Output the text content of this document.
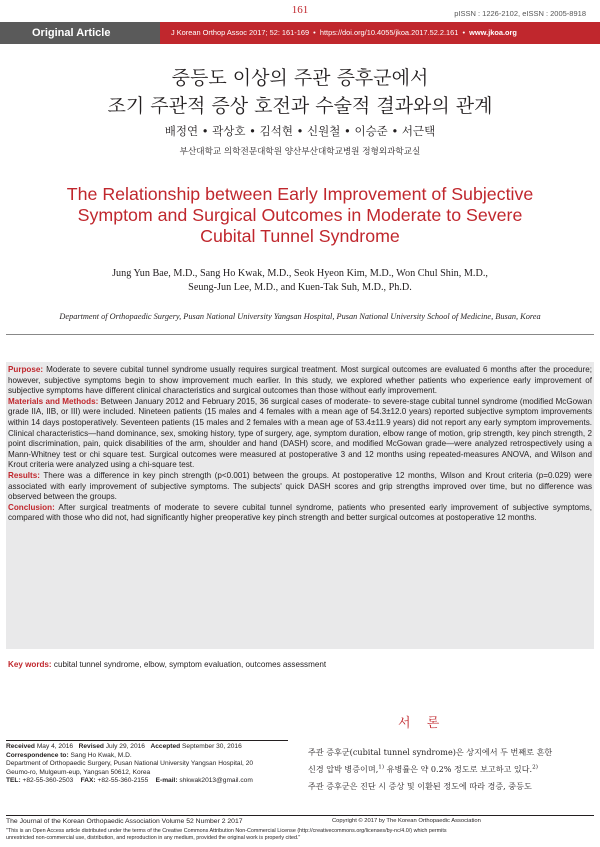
161	pISSN : 1226-2102, eISSN : 2005-8918
Original Article	J Korean Orthop Assoc 2017; 52: 161-169  •  https://doi.org/10.4055/jkoa.2017.52.2.161  •  www.jkoa.org
중등도 이상의 주관 증후군에서
조기 주관적 증상 호전과 수술적 결과와의 관계
배정연 • 곽상호 • 김석현 • 신원철 • 이승준 • 서근택
부산대학교 의학전문대학원 양산부산대학교병원 정형외과학교실
The Relationship between Early Improvement of Subjective
Symptom and Surgical Outcomes in Moderate to Severe
Cubital Tunnel Syndrome
Jung Yun Bae, M.D., Sang Ho Kwak, M.D., Seok Hyeon Kim, M.D., Won Chul Shin, M.D.,
Seung-Jun Lee, M.D., and Kuen-Tak Suh, M.D., Ph.D.
Department of Orthopaedic Surgery, Pusan National University Yangsan Hospital, Pusan National University School of Medicine, Busan, Korea

Purpose: Moderate to severe cubital tunnel syndrome usually requires surgical treatment. Most surgical outcomes are evaluated 6 months after the procedure; however, subjective symptoms begin to show improvement much earlier. In this study, we explored whether patients who experience early improvement of subjective symptoms have different clinical characteristics and surgical outcomes than those without early improvement.

Materials and Methods: Between January 2012 and February 2015, 36 surgical cases of moderate- to severe-stage cubital tunnel syndrome (modified McGowan grade IIA, IIB, or III) were included. Nineteen patients (15 males and 4 females with a mean age of 54.3±12.0 years) reported subjective symptom improvements within 14 days postoperatively. Seventeen patients (15 males and 2 females with a mean age of 53.4±11.9 years) did not report any early symptom improvements. Clinical characteristics—hand dominance, sex, smoking history, type of surgery, age, symptom duration, elbow range of motion, grip strength, key pinch strength, 2 point discrimination, pain, quick disabilities of the arm, shoulder and hand (DASH) score, and modified McGowan grade—were analyzed retrospectively using a Mann-Whitney test or chi square test. Surgical outcomes were measured at postoperative 3 and 12 months using repeated-measures ANOVA, and Wilson and Krout criteria were analyzed using a chi-square test.

Results: There was a difference in key pinch strength (p<0.001) between the groups. At postoperative 12 months, Wilson and Krout criteria (p=0.029) were associated with early improvement of subjective symptoms. The subjects' quick DASH scores and grip strengths improved over time, but no difference was observed between the groups.

Conclusion: After surgical treatments of moderate to severe cubital tunnel syndrome, patients who presented early improvement of subjective symptoms, compared with those who did not, had significantly higher preoperative key pinch strength and better surgical outcomes at postoperative 12 months.

Key words: cubital tunnel syndrome, elbow, symptom evaluation, outcomes assessment
서 론
주관 증후군(cubital tunnel syndrome)은 상지에서 두 번째로 흔한
신경 압박 병증이며,$^{1)}$ 유병률은 약 0.2% 정도로 보고하고 있다.$^{2)}$
주관 증후군은 진단 시 증상 및 이환된 정도에 따라 경증, 중등도
Received May 4, 2016 Revised July 29, 2016 Accepted September 30, 2016
Correspondence to: Sang Ho Kwak, M.D.
Department of Orthopaedic Surgery, Pusan National University Yangsan Hospital, 20
Geumo-ro, Mulgeum-eup, Yangsan 50612, Korea
TEL: +82-55-360-2503 FAX: +82-55-360-2155 E-mail: shkwak2013@gmail.com
The Journal of the Korean Orthopaedic Association Volume 52 Number 2 2017	Copyright © 2017 by The Korean Orthopaedic Association
"This is an Open Access article distributed under the terms of the Creative Commons Attribution Non-Commercial License (http://creativecommons.org/licenses/by-nc/4.0/) which permits
unrestricted non-commercial use, distribution, and reproduction in any medium, provided the original work is properly cited."
